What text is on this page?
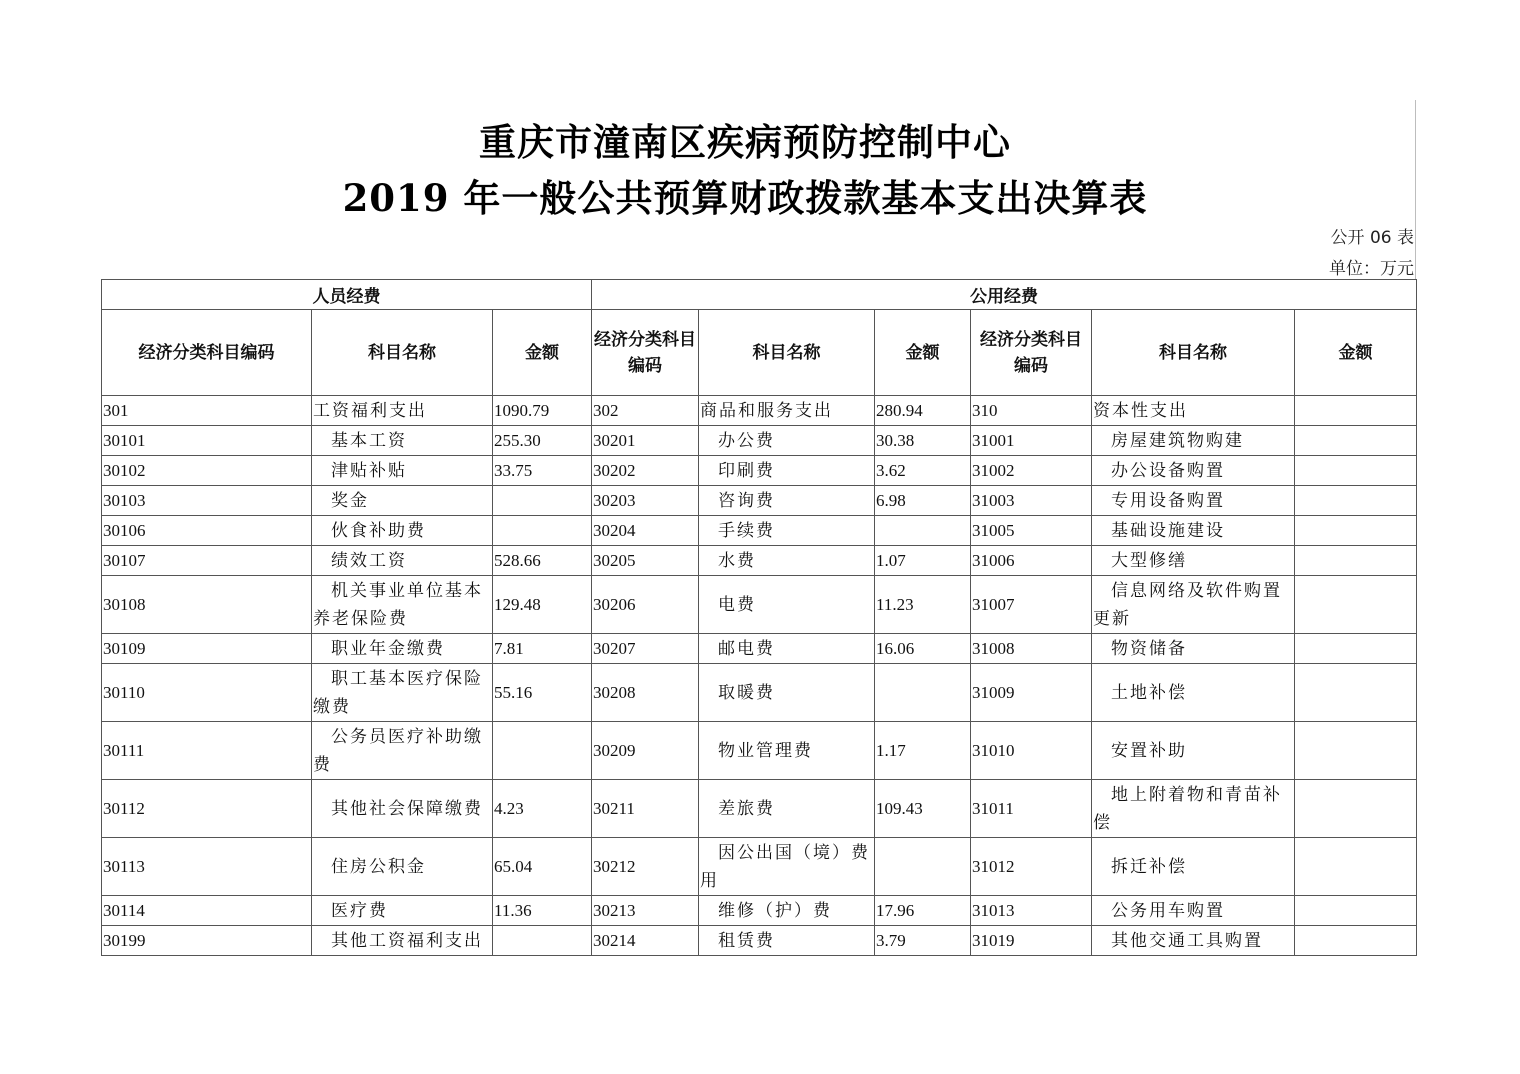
重庆市潼南区疾病预防控制中心
2019 年一般公共预算财政拨款基本支出决算表
公开 06 表
单位：万元
人员经费			公用经费					
经济分类科目编码	科目名称	金额	经济分类科目编码	科目名称	金额	经济分类科目编码	科目名称	金额
301	工资福利支出	1090.79	302	商品和服务支出	280.94	310	资本性支出	
30101	基本工资	255.30	30201	办公费	30.38	31001	房屋建筑物购建	
30102	津贴补贴	33.75	30202	印刷费	3.62	31002	办公设备购置	
30103	奖金		30203	咨询费	6.98	31003	专用设备购置	
30106	伙食补助费		30204	手续费		31005	基础设施建设	
30107	绩效工资	528.66	30205	水费	1.07	31006	大型修缮	
30108	机关事业单位基本养老保险费	129.48	30206	电费	11.23	31007	信息网络及软件购置更新	
30109	职业年金缴费	7.81	30207	邮电费	16.06	31008	物资储备	
30110	职工基本医疗保险缴费	55.16	30208	取暖费		31009	土地补偿	
30111	公务员医疗补助缴费		30209	物业管理费	1.17	31010	安置补助	
30112	其他社会保障缴费	4.23	30211	差旅费	109.43	31011	地上附着物和青苗补偿	
30113	住房公积金	65.04	30212	因公出国（境）费用		31012	拆迁补偿	
30114	医疗费	11.36	30213	维修（护）费	17.96	31013	公务用车购置	
30199	其他工资福利支出		30214	租赁费	3.79	31019	其他交通工具购置	
